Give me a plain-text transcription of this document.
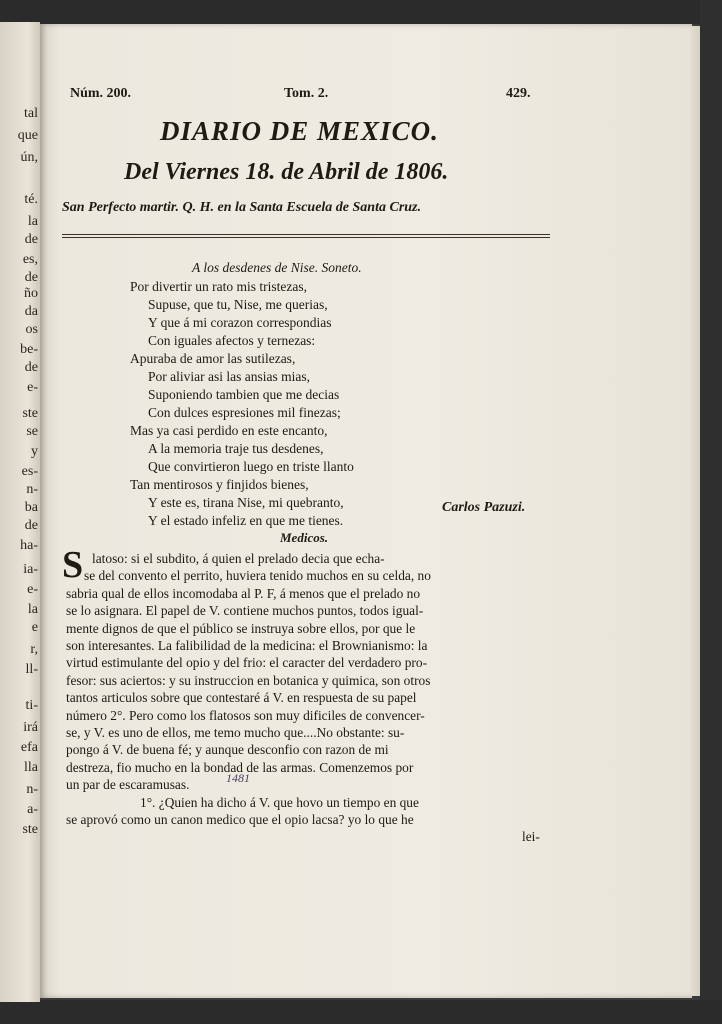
tal
que
ún,
té.
la
de
es,
de
ño
da
os
be-
de
e-
ste
se
y
es-
n-
ba
de
ha-
ia-
e-
la
e
r,
ll-
ti-
irá
efa
lla
n-
a-
ste
Núm. 200.	Tom. 2.	429.
DIARIO DE MEXICO.
Del Viernes 18. de Abril de 1806.
San Perfecto martir. Q. H. en la Santa Escuela de Santa Cruz.
A los desdenes de Nise. Soneto.
Por divertir un rato mis tristezas,
Supuse, que tu, Nise, me querias,
Y que á mi corazon correspondias
Con iguales afectos y ternezas:
Apuraba de amor las sutilezas,
Por aliviar asi las ansias mias,
Suponiendo tambien que me decias
Con dulces espresiones mil finezas;
Mas ya casi perdido en este encanto,
A la memoria traje tus desdenes,
Que convirtieron luego en triste llanto
Tan mentirosos y finjidos bienes,
Y este es, tirana Nise, mi quebranto,
Y el estado infeliz en que me tienes.
Carlos Pazuzi.
Medicos.
S latoso: si el subdito, á quien el prelado decia que echa-
se del convento el perrito, huviera tenido muchos en su celda, no
sabria qual de ellos incomodaba al P. F, á menos que el prelado no
se lo asignara. El papel de V. contiene muchos puntos, todos igual-
mente dignos de que el público se instruya sobre ellos, por que le
son interesantes. La falibilidad de la medicina: el Brownianismo: la
virtud estimulante del opio y del frio: el caracter del verdadero pro-
fesor: sus aciertos: y su instruccion en botanica y quimica, son otros
tantos articulos sobre que contestaré á V. en respuesta de su papel
número 2°. Pero como los flatosos son muy dificiles de convencer-
se, y V. es uno de ellos, me temo mucho que....No obstante: su-
pongo á V. de buena fé; y aunque desconfio con razon de mi
destreza, fio mucho en la bondad de las armas. Comenzemos por
un par de escaramusas.
1°. ¿Quien ha dicho á V. que hovo un tiempo en que
se aprovó como un canon medico que el opio lacsa? yo lo que he
lei-
1481
